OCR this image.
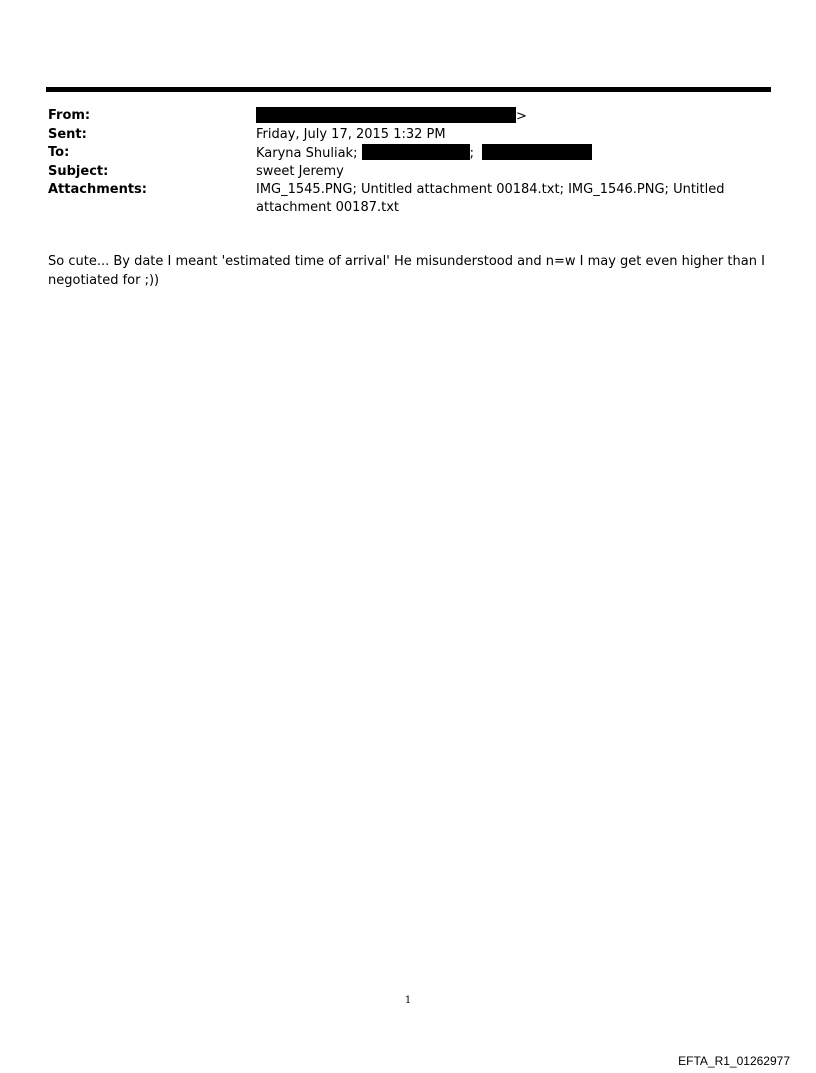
From:	>
Sent:	Friday, July 17, 2015 1:32 PM
To:	Karyna Shuliak;	;
Subject:	sweet Jeremy
Attachments:	IMG_1545.PNG; Untitled attachment 00184.txt; IMG_1546.PNG; Untitled attachment 00187.txt
So cute... By date I meant 'estimated time of arrival' He misunderstood and n=w I may get even higher than I negotiated for ;))
1
EFTA_R1_01262977
